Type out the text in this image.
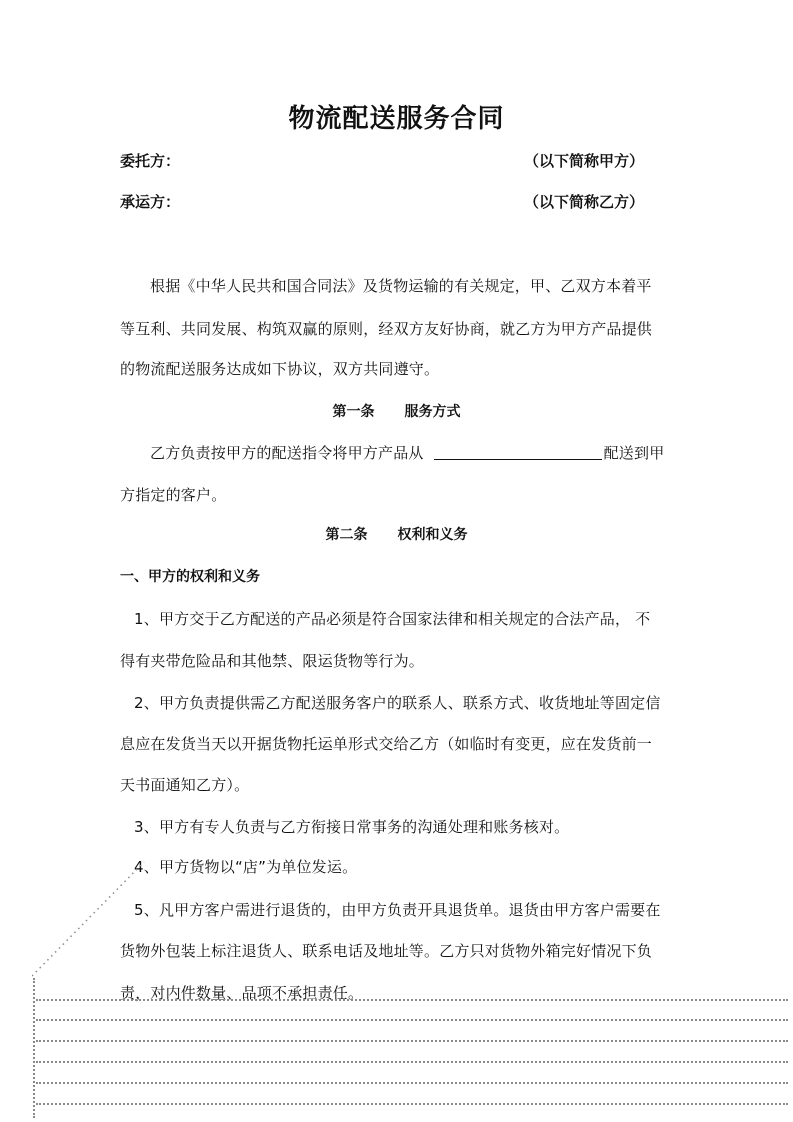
物流配送服务合同
委托方：	（以下简称甲方）
承运方：	（以下简称乙方）
根据《中华人民共和国合同法》及货物运输的有关规定，甲、乙双方本着平
等互利、共同发展、构筑双赢的原则，经双方友好协商，就乙方为甲方产品提供
的物流配送服务达成如下协议，双方共同遵守。
第一条 服务方式
乙方负责按甲方的配送指令将甲方产品从	配送到甲
方指定的客户。
第二条 权利和义务
一、甲方的权利和义务
1、甲方交于乙方配送的产品必须是符合国家法律和相关规定的合法产品， 不
得有夹带危险品和其他禁、限运货物等行为。
2、甲方负责提供需乙方配送服务客户的联系人、联系方式、收货地址等固定信
息应在发货当天以开据货物托运单形式交给乙方（如临时有变更，应在发货前一
天书面通知乙方）。
3、甲方有专人负责与乙方衔接日常事务的沟通处理和账务核对。
4、甲方货物以“店”为单位发运。
5、凡甲方客户需进行退货的，由甲方负责开具退货单。退货由甲方客户需要在
货物外包装上标注退货人、联系电话及地址等。乙方只对货物外箱完好情况下负
责，对内件数量、品项不承担责任。
